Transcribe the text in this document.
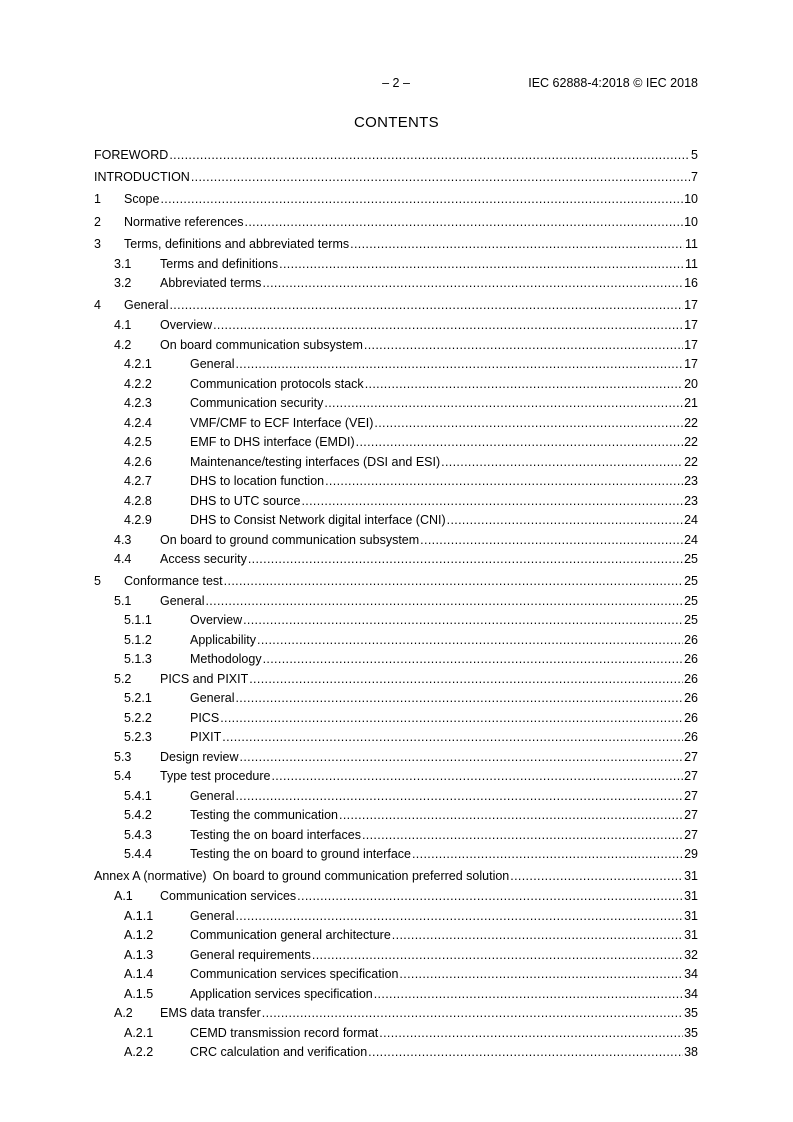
– 2 –	IEC 62888-4:2018 © IEC 2018
CONTENTS
FOREWORD .....	5
INTRODUCTION .....	7
1	Scope .....	10
2	Normative references .....	10
3	Terms, definitions and abbreviated terms .....	11
3.1	Terms and definitions .....	11
3.2	Abbreviated terms .....	16
4	General .....	17
4.1	Overview .....	17
4.2	On board communication subsystem .....	17
4.2.1	General .....	17
4.2.2	Communication protocols stack .....	20
4.2.3	Communication security .....	21
4.2.4	VMF/CMF to ECF Interface (VEI) .....	22
4.2.5	EMF to DHS interface (EMDI) .....	22
4.2.6	Maintenance/testing interfaces (DSI and ESI) .....	22
4.2.7	DHS to location function .....	23
4.2.8	DHS to UTC source .....	23
4.2.9	DHS to Consist Network digital interface (CNI) .....	24
4.3	On board to ground communication subsystem .....	24
4.4	Access security .....	25
5	Conformance test .....	25
5.1	General .....	25
5.1.1	Overview .....	25
5.1.2	Applicability .....	26
5.1.3	Methodology .....	26
5.2	PICS and PIXIT .....	26
5.2.1	General .....	26
5.2.2	PICS .....	26
5.2.3	PIXIT .....	26
5.3	Design review .....	27
5.4	Type test procedure .....	27
5.4.1	General .....	27
5.4.2	Testing the communication .....	27
5.4.3	Testing the on board interfaces .....	27
5.4.4	Testing the on board to ground interface .....	29
Annex A (normative) On board to ground communication preferred solution .....	31
A.1	Communication services .....	31
A.1.1	General .....	31
A.1.2	Communication general architecture .....	31
A.1.3	General requirements .....	32
A.1.4	Communication services specification .....	34
A.1.5	Application services specification .....	34
A.2	EMS data transfer .....	35
A.2.1	CEMD transmission record format .....	35
A.2.2	CRC calculation and verification .....	38
